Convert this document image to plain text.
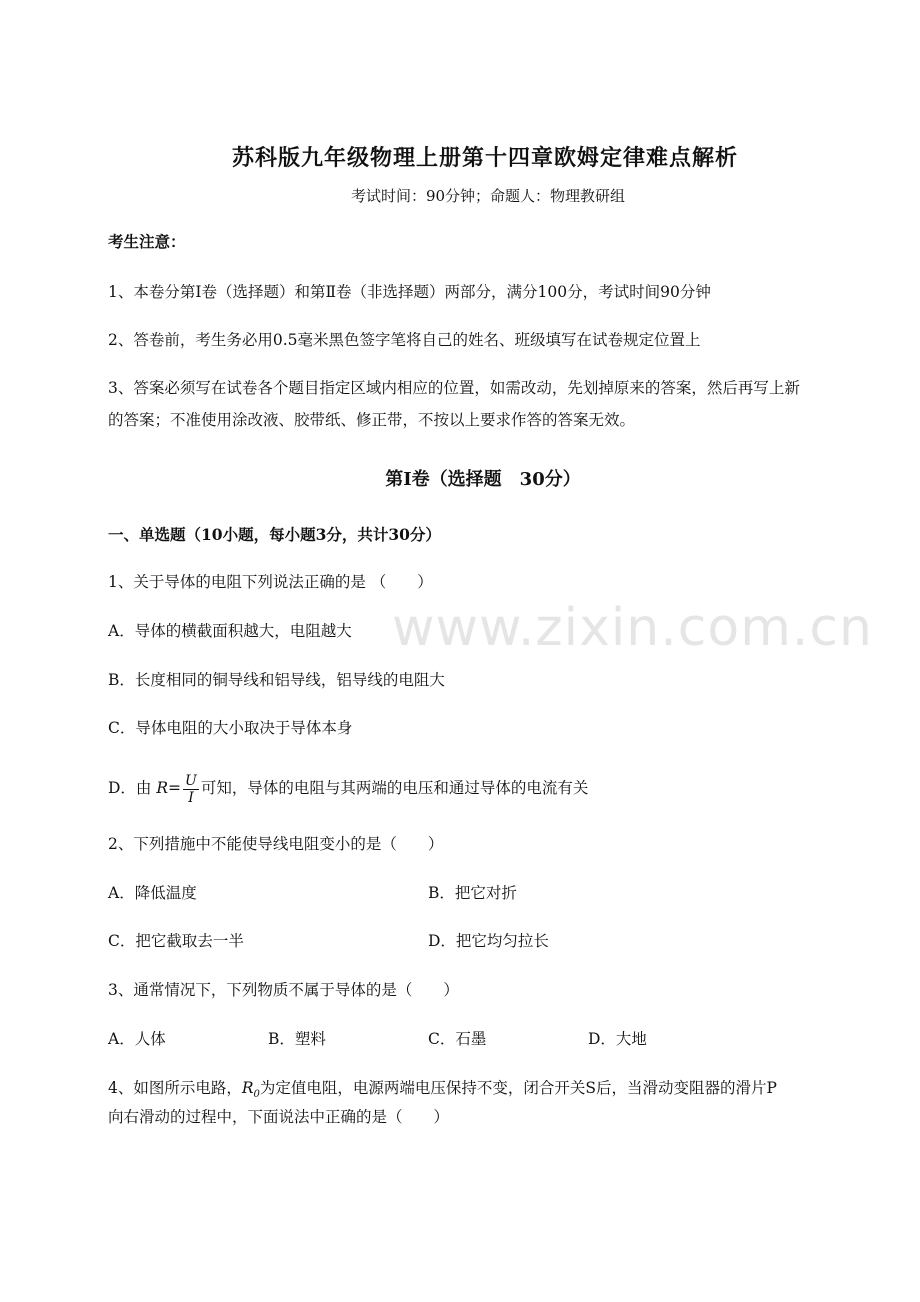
苏科版九年级物理上册第十四章欧姆定律难点解析
考试时间：90分钟；命题人：物理教研组
考生注意：
1、本卷分第I卷（选择题）和第Ⅱ卷（非选择题）两部分，满分100分，考试时间90分钟
2、答卷前，考生务必用0.5毫米黑色签字笔将自己的姓名、班级填写在试卷规定位置上
3、答案必须写在试卷各个题目指定区域内相应的位置，如需改动，先划掉原来的答案，然后再写上新
的答案；不准使用涂改液、胶带纸、修正带，不按以上要求作答的答案无效。
第I卷（选择题　30分）
一、单选题（10小题，每小题3分，共计30分）
1、关于导体的电阻下列说法正确的是 （　　）
A．导体的横截面积越大，电阻越大
B．长度相同的铜导线和铝导线，铝导线的电阻大
C．导体电阻的大小取决于导体本身
D．由 $R= \frac{U}{I}$ 可知，导体的电阻与其两端的电压和通过导体的电流有关
2、下列措施中不能使导线电阻变小的是（　　）
A．降低温度	B．把它对折
C．把它截取去一半	D．把它均匀拉长
3、通常情况下，下列物质不属于导体的是（　　）
A．人体	B．塑料	C．石墨	D．大地
4、如图所示电路，$R_0$为定值电阻，电源两端电压保持不变，闭合开关S后，当滑动变阻器的滑片P
向右滑动的过程中，下面说法中正确的是（　　）
www.zixin.com.cn
